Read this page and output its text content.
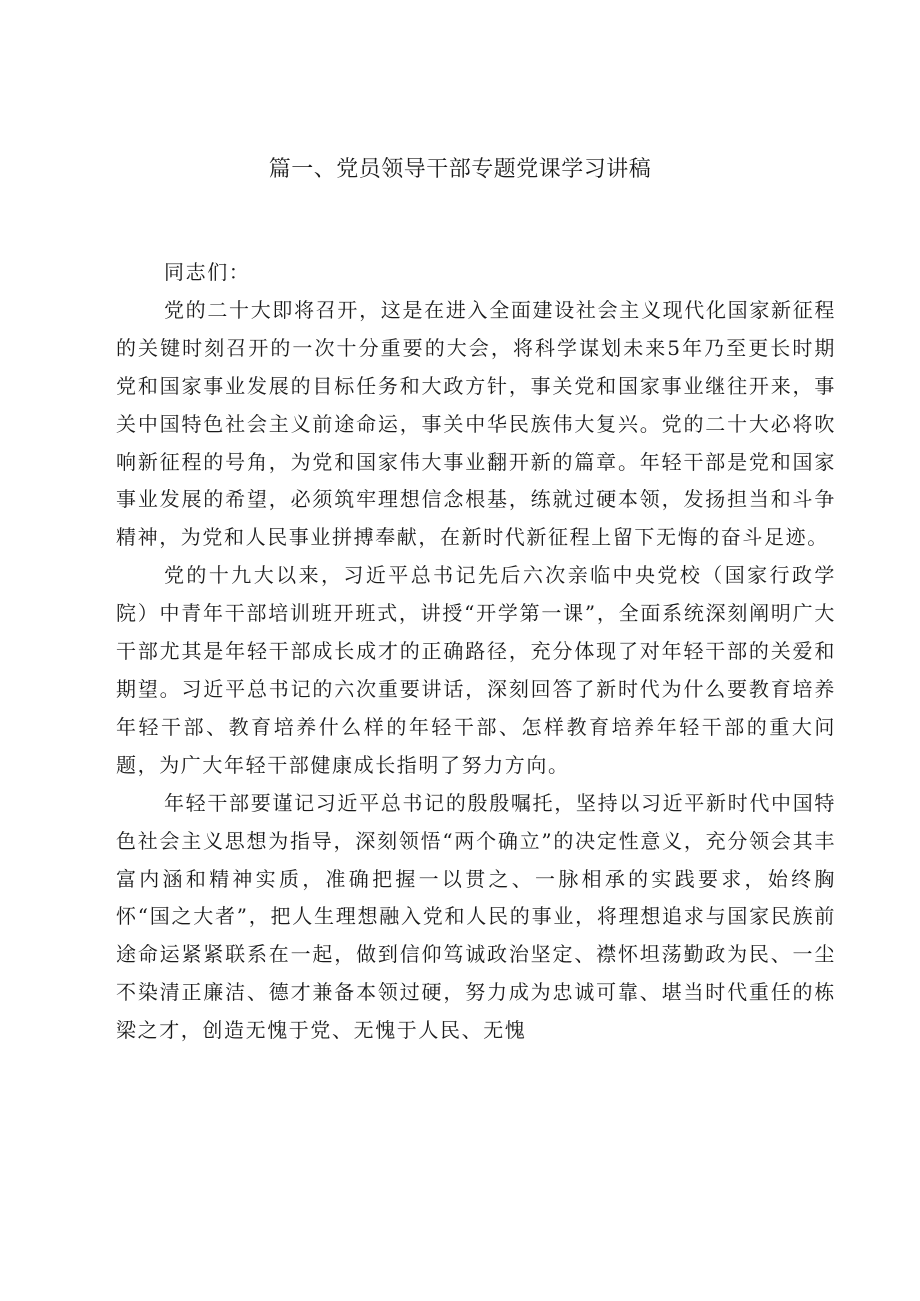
篇一、党员领导干部专题党课学习讲稿

同志们：

党的二十大即将召开，这是在进入全面建设社会主义现代化国家新征程的关键时刻召开的一次十分重要的大会，将科学谋划未来5年乃至更长时期党和国家事业发展的目标任务和大政方针，事关党和国家事业继往开来，事关中国特色社会主义前途命运，事关中华民族伟大复兴。党的二十大必将吹响新征程的号角，为党和国家伟大事业翻开新的篇章。年轻干部是党和国家事业发展的希望，必须筑牢理想信念根基，练就过硬本领，发扬担当和斗争精神，为党和人民事业拼搏奉献，在新时代新征程上留下无悔的奋斗足迹。

党的十九大以来，习近平总书记先后六次亲临中央党校（国家行政学院）中青年干部培训班开班式，讲授“开学第一课”，全面系统深刻阐明广大干部尤其是年轻干部成长成才的正确路径，充分体现了对年轻干部的关爱和期望。习近平总书记的六次重要讲话，深刻回答了新时代为什么要教育培养年轻干部、教育培养什么样的年轻干部、怎样教育培养年轻干部的重大问题，为广大年轻干部健康成长指明了努力方向。

年轻干部要谨记习近平总书记的殷殷嘱托，坚持以习近平新时代中国特色社会主义思想为指导，深刻领悟“两个确立”的决定性意义，充分领会其丰富内涵和精神实质，准确把握一以贯之、一脉相承的实践要求，始终胸怀“国之大者”，把人生理想融入党和人民的事业，将理想追求与国家民族前途命运紧紧联系在一起，做到信仰笃诚政治坚定、襟怀坦荡勤政为民、一尘不染清正廉洁、德才兼备本领过硬，努力成为忠诚可靠、堪当时代重任的栋梁之才，创造无愧于党、无愧于人民、无愧
